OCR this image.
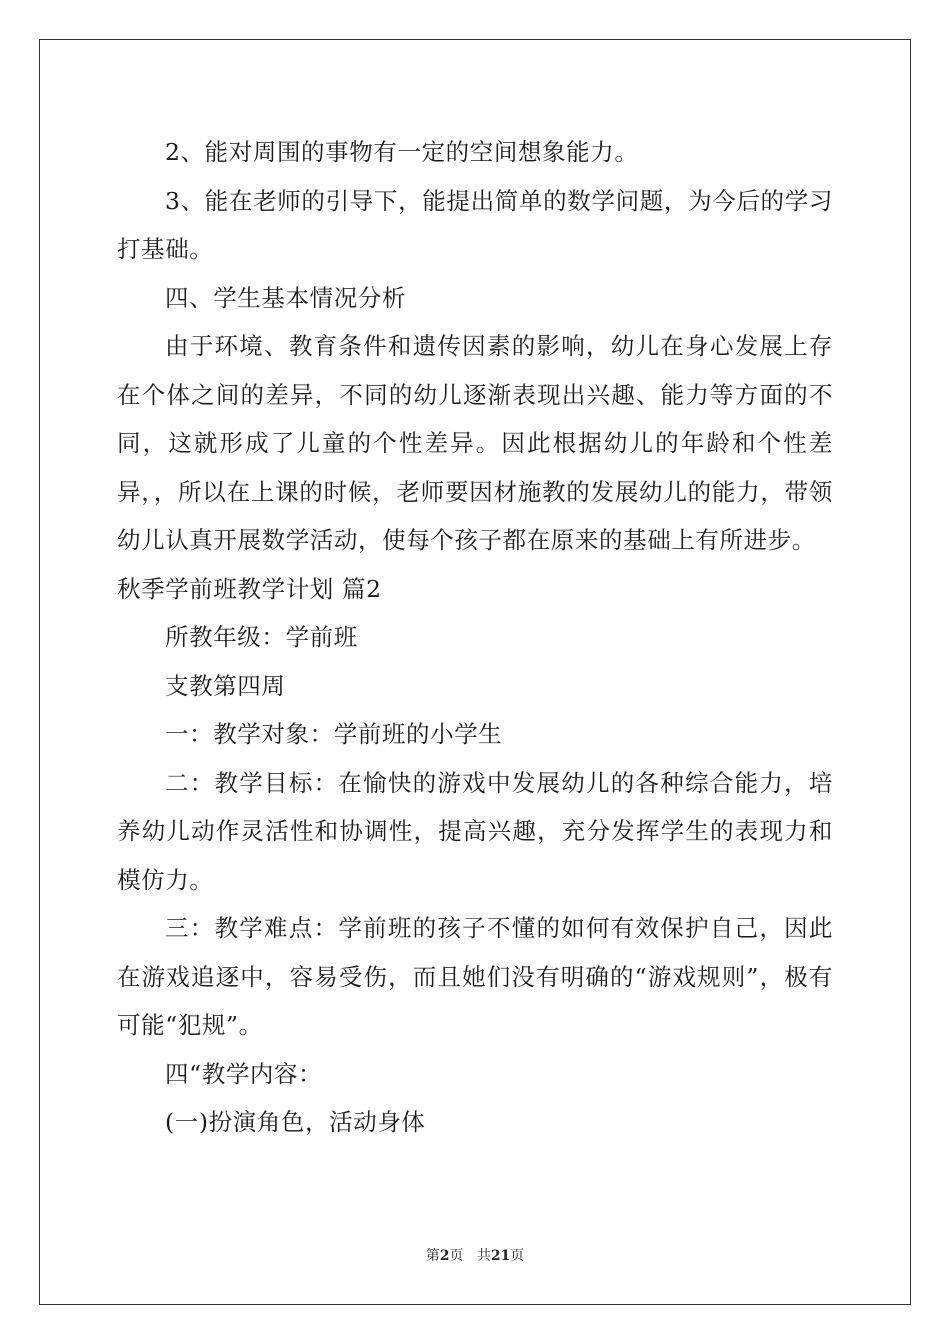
2、能对周围的事物有一定的空间想象能力。

3、能在老师的引导下，能提出简单的数学问题，为今后的学习打基础。

四、学生基本情况分析

由于环境、教育条件和遗传因素的影响，幼儿在身心发展上存在个体之间的差异，不同的幼儿逐渐表现出兴趣、能力等方面的不同，这就形成了儿童的个性差异。因此根据幼儿的年龄和个性差异，，所以在上课的时候，老师要因材施教的发展幼儿的能力，带领幼儿认真开展数学活动，使每个孩子都在原来的基础上有所进步。

秋季学前班教学计划 篇2

所教年级：学前班

支教第四周

一：教学对象：学前班的小学生

二：教学目标：在愉快的游戏中发展幼儿的各种综合能力，培养幼儿动作灵活性和协调性，提高兴趣，充分发挥学生的表现力和模仿力。

三：教学难点：学前班的孩子不懂的如何有效保护自己，因此在游戏追逐中，容易受伤，而且她们没有明确的“游戏规则”，极有可能“犯规”。

四“教学内容：

(一)扮演角色，活动身体

第2页 共21页
